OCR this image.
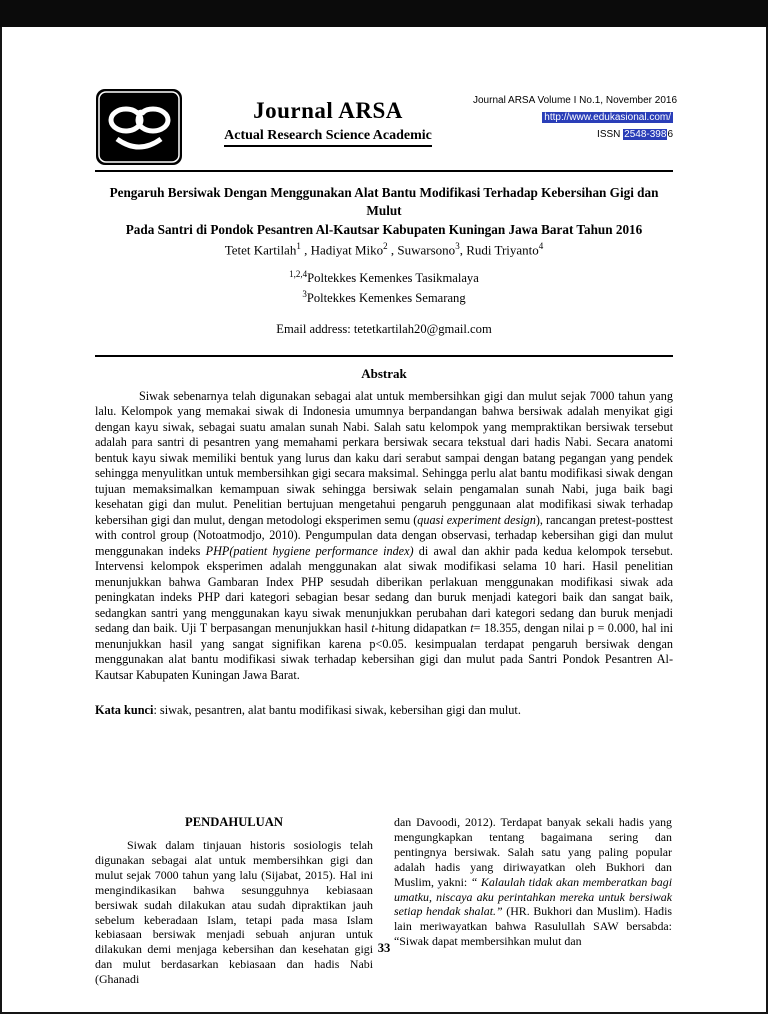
Journal ARSA
Actual Research Science Academic
Journal ARSA Volume I No.1, November 2016
http://www.edukasional.com/
ISSN 2548-3986
Pengaruh Bersiwak Dengan Menggunakan Alat Bantu Modifikasi Terhadap Kebersihan Gigi dan Mulut
Pada Santri di Pondok Pesantren Al-Kautsar Kabupaten Kuningan Jawa Barat Tahun 2016

Tetet Kartilah$^1$ , Hadiyat Miko$^2$ , Suwarsono$^3$, Rudi Triyanto$^4$

$^{1,2,4}$Poltekkes Kemenkes Tasikmalaya
$^3$Poltekkes Kemenkes Semarang

Email address: tetetkartilah20@gmail.com

Abstrak

Siwak sebenarnya telah digunakan sebagai alat untuk membersihkan gigi dan mulut sejak 7000 tahun yang lalu. Kelompok yang memakai siwak di Indonesia umumnya berpandangan bahwa bersiwak adalah menyikat gigi dengan kayu siwak, sebagai suatu amalan sunah Nabi. Salah satu kelompok yang mempraktikan bersiwak tersebut adalah para santri di pesantren yang memahami perkara bersiwak secara tekstual dari hadis Nabi. Secara anatomi bentuk kayu siwak memiliki bentuk yang lurus dan kaku dari serabut sampai dengan batang pegangan yang pendek sehingga menyulitkan untuk membersihkan gigi secara maksimal. Sehingga perlu alat bantu modifikasi siwak dengan tujuan memaksimalkan kemampuan siwak sehingga bersiwak selain pengamalan sunah Nabi, juga baik bagi kesehatan gigi dan mulut. Penelitian bertujuan mengetahui pengaruh penggunaan alat modifikasi siwak terhadap kebersihan gigi dan mulut, dengan metodologi eksperimen semu (quasi experiment design), rancangan pretest-posttest with control group (Notoatmodjo, 2010). Pengumpulan data dengan observasi, terhadap kebersihan gigi dan mulut menggunakan indeks PHP(patient hygiene performance index) di awal dan akhir pada kedua kelompok tersebut. Intervensi kelompok eksperimen adalah menggunakan alat siwak modifikasi selama 10 hari. Hasil penelitian menunjukkan bahwa Gambaran Index PHP sesudah diberikan perlakuan menggunakan modifikasi siwak ada peningkatan indeks PHP dari kategori sebagian besar sedang dan buruk menjadi kategori baik dan sangat baik, sedangkan santri yang menggunakan kayu siwak menunjukkan perubahan dari kategori sedang dan buruk menjadi sedang dan baik. Uji T berpasangan menunjukkan hasil t-hitung didapatkan t= 18.355, dengan nilai p = 0.000, hal ini menunjukkan hasil yang sangat signifikan karena p<0.05. kesimpualan terdapat pengaruh bersiwak dengan menggunakan alat bantu modifikasi siwak terhadap kebersihan gigi dan mulut pada Santri Pondok Pesantren Al-Kautsar Kabupaten Kuningan Jawa Barat.

Kata kunci: siwak, pesantren, alat bantu modifikasi siwak, kebersihan gigi dan mulut.

PENDAHULUAN

Siwak dalam tinjauan historis sosiologis telah digunakan sebagai alat untuk membersihkan gigi dan mulut sejak 7000 tahun yang lalu (Sijabat, 2015). Hal ini mengindikasikan bahwa sesungguhnya kebiasaan bersiwak sudah dilakukan atau sudah dipraktikan jauh sebelum keberadaan Islam, tetapi pada masa Islam kebiasaan bersiwak menjadi sebuah anjuran untuk dilakukan demi menjaga kebersihan dan kesehatan gigi dan mulut berdasarkan kebiasaan dan hadis Nabi (Ghanadi

dan Davoodi, 2012). Terdapat banyak sekali hadis yang mengungkapkan tentang bagaimana sering dan pentingnya bersiwak. Salah satu yang paling popular adalah hadis yang diriwayatkan oleh Bukhori dan Muslim, yakni: “ Kalaulah tidak akan memberatkan bagi umatku, niscaya aku perintahkan mereka untuk bersiwak setiap hendak shalat.” (HR. Bukhori dan Muslim). Hadis lain meriwayatkan bahwa Rasulullah SAW bersabda: “Siwak dapat membersihkan mulut dan

33
